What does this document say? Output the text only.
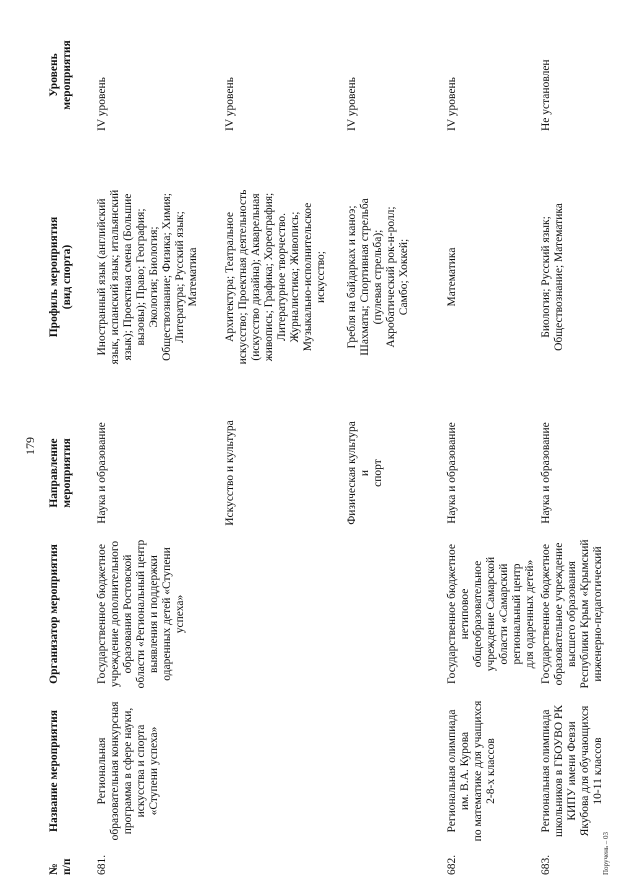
179
№
п/п
Название мероприятия
Организатор мероприятия
Направление
мероприятия
Профиль мероприятия
(вид спорта)
Уровень
мероприятия
681.
Региональная
образовательная конкурсная
программа в сфере науки,
искусства и спорта
«Ступени успеха»
Государственное бюджетное
учреждение дополнительного
образования Ростовской
области «Региональный центр
выявления и поддержки
одаренных детей «Ступени
успеха»
Наука и образование
Иностранный язык (английский
язык, испанский язык; итальянский
язык); Проектная смена (Большие
вызовы); Право; География;
Экология; Биология;
Обществознание; Физика; Химия;
Литература; Русский язык;
Математика
IV уровень
Искусство и культура
Архитектура; Театральное
искусство; Проектная деятельность
(искусство дизайна); Акварельная
живопись; Графика; Хореография;
Литературное творчество.
Журналистика; Живопись;
Музыкально-исполнительское
искусство;
IV уровень
Физическая культура и
спорт
Гребля на байдарках и каноэ;
Шахматы; Спортивная стрельба
(пулевая стрельба);
Акробатический рок-н-ролл;
Самбо; Хоккей;
IV уровень
682.
Региональная олимпиада
им. В.А. Курова
по математике для учащихся
2-8-х классов
Государственное бюджетное
нетиповое
общеобразовательное
учреждение Самарской
области «Самарский
региональный центр
для одаренных детей»
Наука и образование
Математика
IV уровень
683.
Региональная олимпиада
школьников в ГБОУВО РК
КИПУ имени Февзи
Якубова для обучающихся
10-11 классов
Государственное бюджетное
образовательное учреждение
высшего образования
Республики Крым «Крымский
инженерно-педагогический
Наука и образование
Биология; Русский язык;
Обществознание; Математика
Не установлен
Поручень – 03
